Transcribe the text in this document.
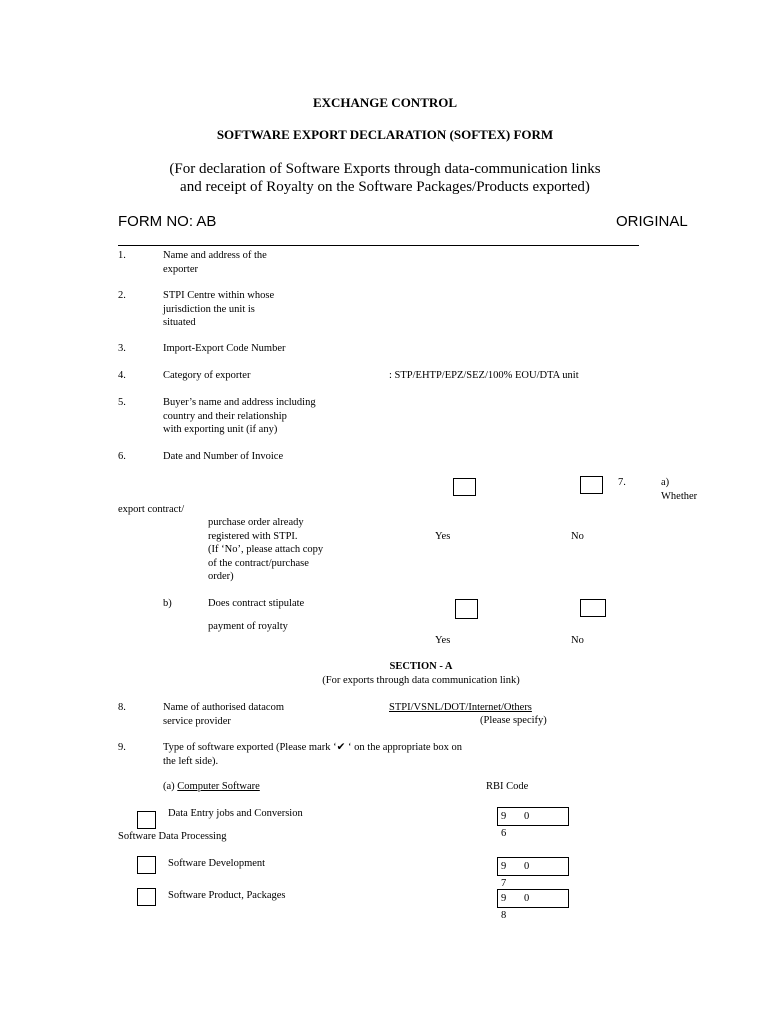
EXCHANGE CONTROL
SOFTWARE EXPORT DECLARATION (SOFTEX) FORM
(For declaration of Software Exports through data-communication links
and receipt of Royalty on the Software Packages/Products exported)
FORM NO: AB	ORIGINAL
1.	Name and address of the
exporter
2.	STPI Centre within whose
jurisdiction the unit is
situated
3.	Import-Export Code Number
4.	Category of exporter	: STP/EHTP/EPZ/SEZ/100% EOU/DTA unit
5.	Buyer’s name and address including
country and their relationship
with exporting unit (if any)
6.	Date and Number of Invoice
7.	a)
Whether
export contract/
purchase order already
registered with STPI.
(If ‘No’, please attach copy
of the contract/purchase
order)
Yes	No
b)	Does contract stipulate
payment of royalty
Yes	No
SECTION - A
(For exports through data communication link)
8.	Name of authorised datacom
service provider
STPI/VSNL/DOT/Internet/Others
(Please specify)
9.	Type of software exported (Please mark ‘✔ ‘ on the appropriate box on
the left side).
(a) Computer Software	RBI Code
Data Entry jobs and Conversion	9 06
Software Data Processing
Software Development	9 07
Software Product, Packages	9 08
